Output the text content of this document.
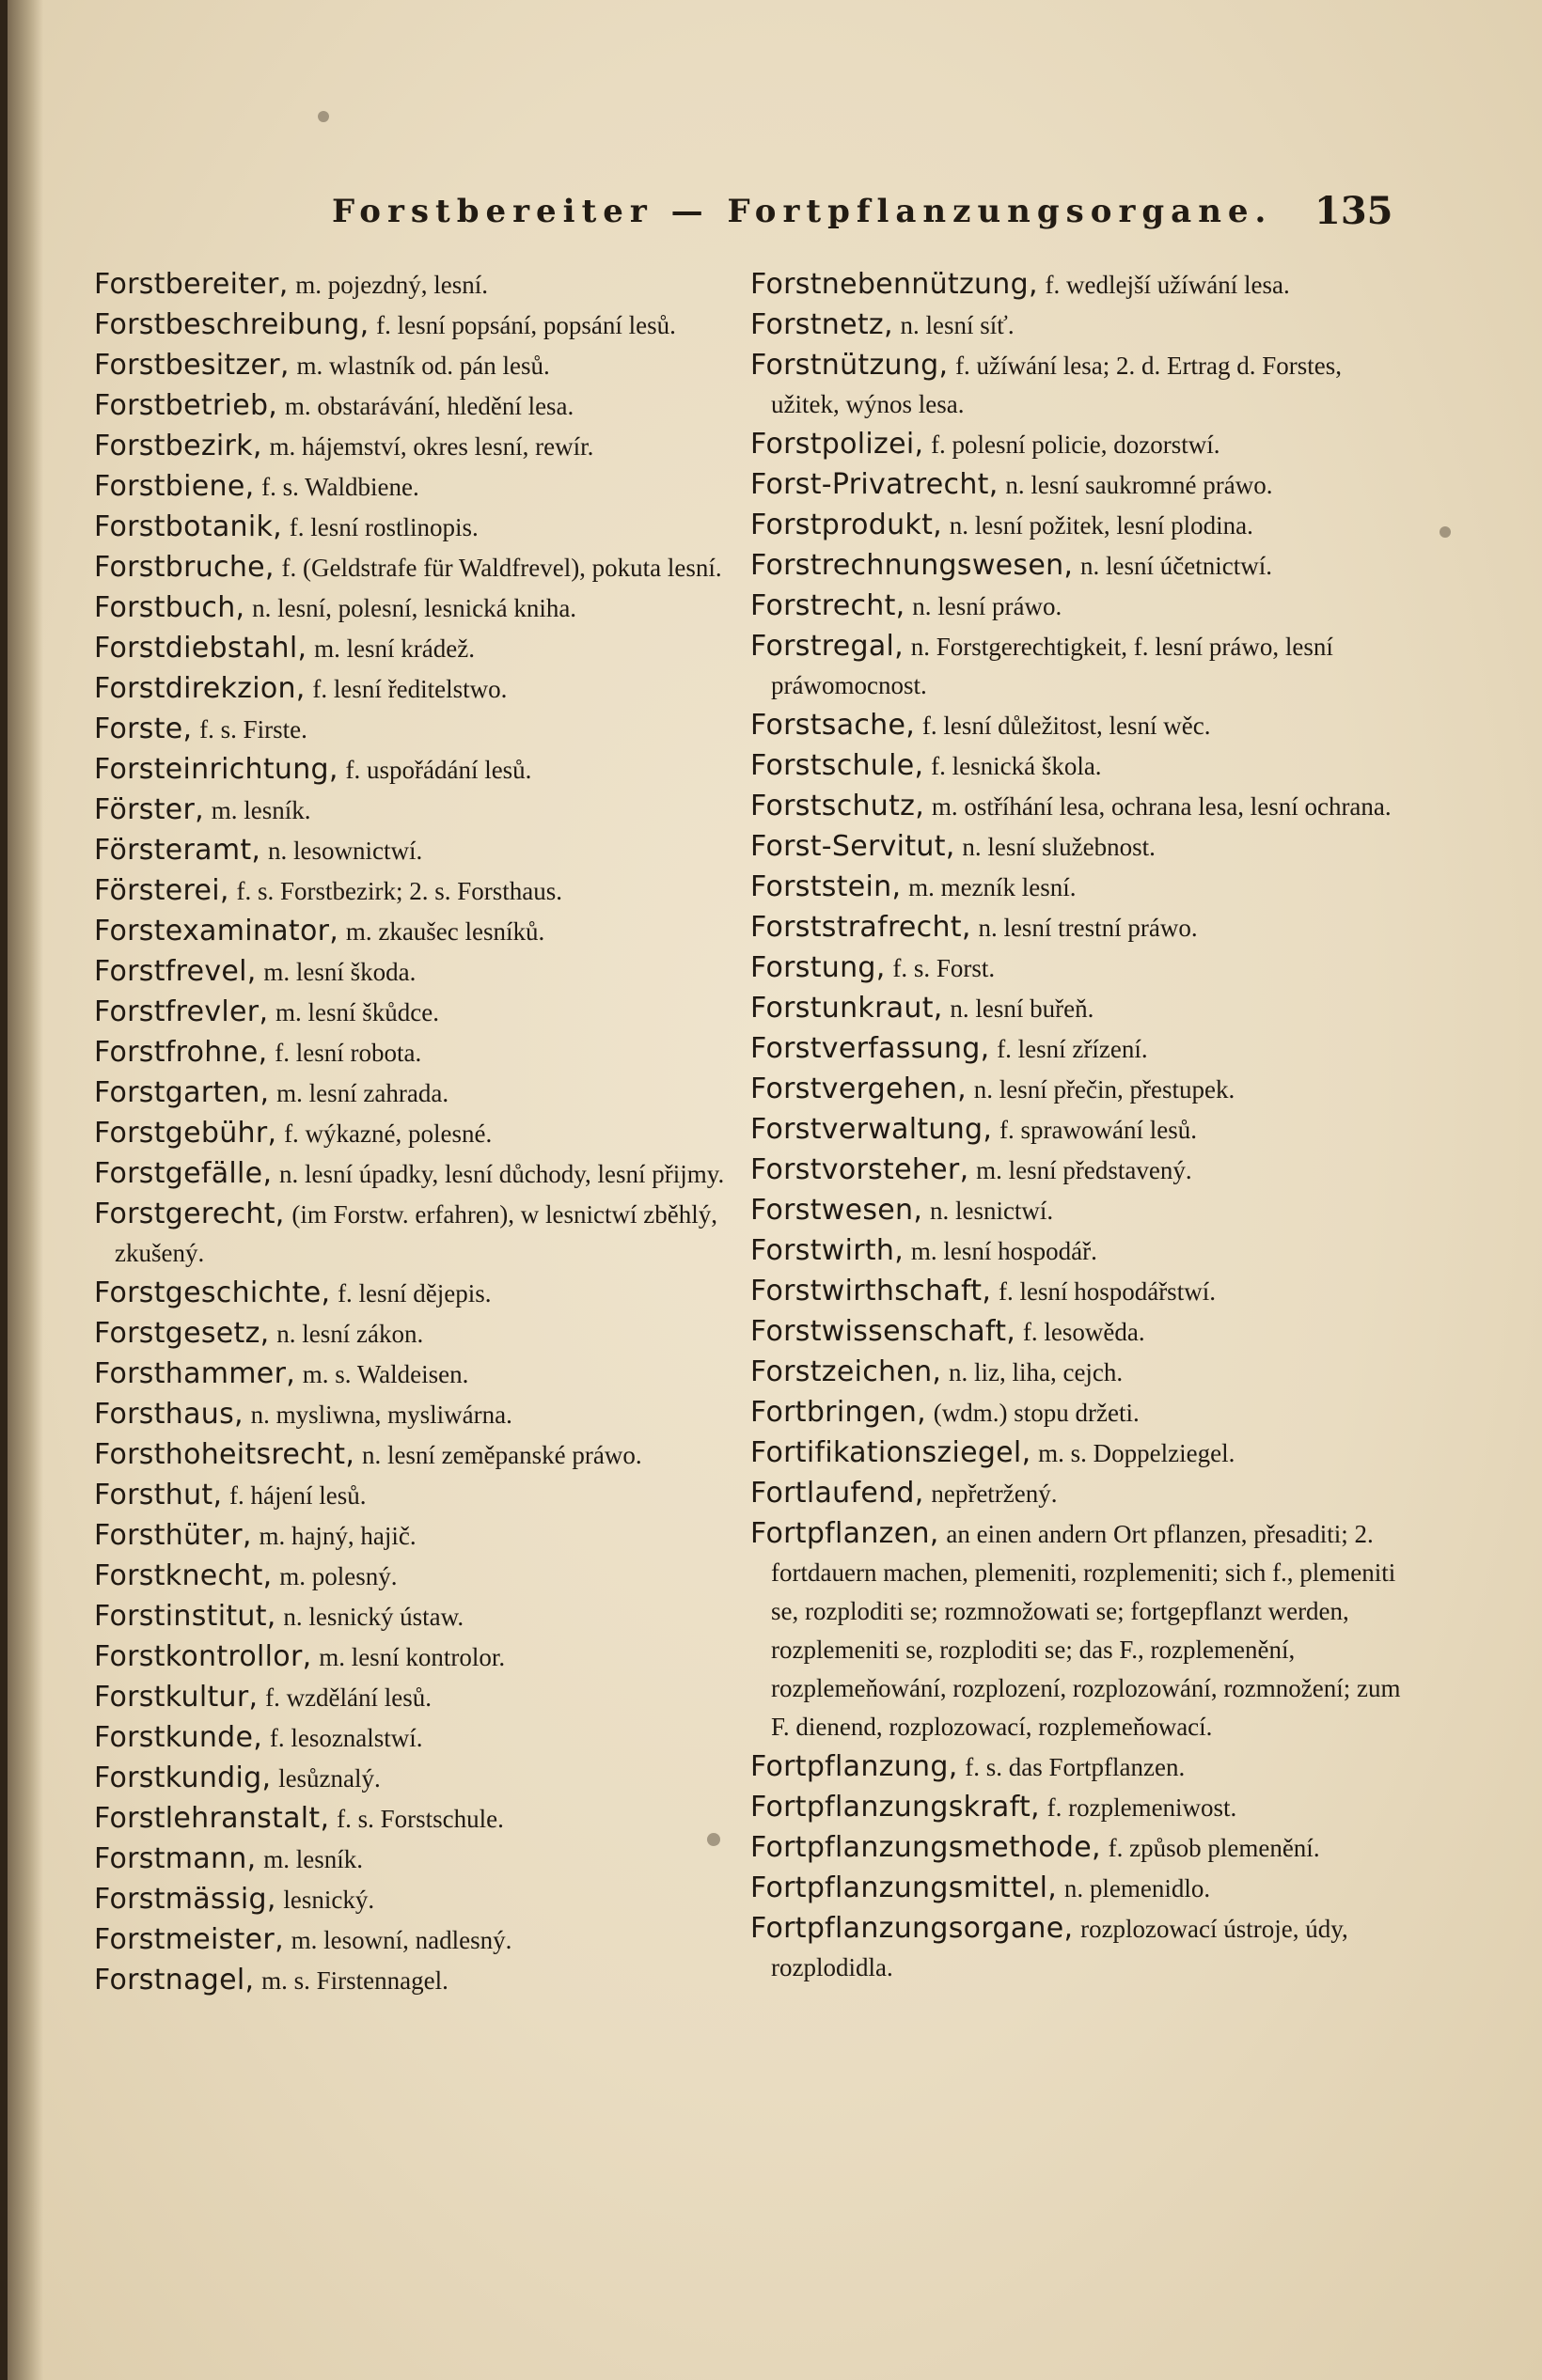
Forstbereiter — Fortpflanzungsorgane. 135
Forstbereiter, m. pojezdný, lesní.
Forstbeschreibung, f. lesní popsání, popsání lesů.
Forstbesitzer, m. wlastník od. pán lesů.
Forstbetrieb, m. obstarávání, hledění lesa.
Forstbezirk, m. hájemství, okres lesní, rewír.
Forstbiene, f. s. Waldbiene.
Forstbotanik, f. lesní rostlinopis.
Forstbruche, f. (Geldstrafe für Waldfrevel), pokuta lesní.
Forstbuch, n. lesní, polesní, lesnická kniha.
Forstdiebstahl, m. lesní krádež.
Forstdirekzion, f. lesní ředitelstwo.
Forste, f. s. Firste.
Forsteinrichtung, f. uspořádání lesů.
Förster, m. lesník.
Försteramt, n. lesownictwí.
Försterei, f. s. Forstbezirk; 2. s. Forsthaus.
Forstexaminator, m. zkaušec lesníků.
Forstfrevel, m. lesní škoda.
Forstfrevler, m. lesní škůdce.
Forstfrohne, f. lesní robota.
Forstgarten, m. lesní zahrada.
Forstgebühr, f. wýkazné, polesné.
Forstgefälle, n. lesní úpadky, lesní důchody, lesní přijmy.
Forstgerecht, (im Forstw. erfahren), w lesnictwí zběhlý, zkušený.
Forstgeschichte, f. lesní dějepis.
Forstgesetz, n. lesní zákon.
Forsthammer, m. s. Waldeisen.
Forsthaus, n. mysliwna, mysliwárna.
Forsthoheitsrecht, n. lesní zeměpanské práwo.
Forsthut, f. hájení lesů.
Forsthüter, m. hajný, hajič.
Forstknecht, m. polesný.
Forstinstitut, n. lesnický ústaw.
Forstkontrollor, m. lesní kontrolor.
Forstkultur, f. wzdělání lesů.
Forstkunde, f. lesoznalstwí.
Forstkundig, lesůznalý.
Forstlehranstalt, f. s. Forstschule.
Forstmann, m. lesník.
Forstmässig, lesnický.
Forstmeister, m. lesowní, nadlesný.
Forstnagel, m. s. Firstennagel.
Forstnebennützung, f. wedlejší užíwání lesa.
Forstnetz, n. lesní síť.
Forstnützung, f. užíwání lesa; 2. d. Ertrag d. Forstes, užitek, wýnos lesa.
Forstpolizei, f. polesní policie, dozorstwí.
Forst-Privatrecht, n. lesní saukromné práwo.
Forstprodukt, n. lesní požitek, lesní plodina.
Forstrechnungswesen, n. lesní účetnictwí.
Forstrecht, n. lesní práwo.
Forstregal, n. Forstgerechtigkeit, f. lesní práwo, lesní práwomocnost.
Forstsache, f. lesní důležitost, lesní wěc.
Forstschule, f. lesnická škola.
Forstschutz, m. ostříhání lesa, ochrana lesa, lesní ochrana.
Forst-Servitut, n. lesní služebnost.
Forststein, m. mezník lesní.
Forststrafrecht, n. lesní trestní práwo.
Forstung, f. s. Forst.
Forstunkraut, n. lesní buřeň.
Forstverfassung, f. lesní zřízení.
Forstvergehen, n. lesní přečin, přestupek.
Forstverwaltung, f. sprawowání lesů.
Forstvorsteher, m. lesní představený.
Forstwesen, n. lesnictwí.
Forstwirth, m. lesní hospodář.
Forstwirthschaft, f. lesní hospodářstwí.
Forstwissenschaft, f. lesowěda.
Forstzeichen, n. liz, liha, cejch.
Fortbringen, (wdm.) stopu držeti.
Fortifikationsziegel, m. s. Doppelziegel.
Fortlaufend, nepřetržený.
Fortpflanzen, an einen andern Ort pflanzen, přesaditi; 2. fortdauern machen, plemeniti, rozplemeniti; sich f., plemeniti se, rozploditi se; rozmnožowati se; fortgepflanzt werden, rozplemeniti se, rozploditi se; das F., rozplemenění, rozplemeňowání, rozplození, rozplozowání, rozmnožení; zum F. dienend, rozplozowací, rozplemeňowací.
Fortpflanzung, f. s. das Fortpflanzen.
Fortpflanzungskraft, f. rozplemeniwost.
Fortpflanzungsmethode, f. způsob plemenění.
Fortpflanzungsmittel, n. plemenidlo.
Fortpflanzungsorgane, rozplozowací ústroje, údy, rozplodidla.
